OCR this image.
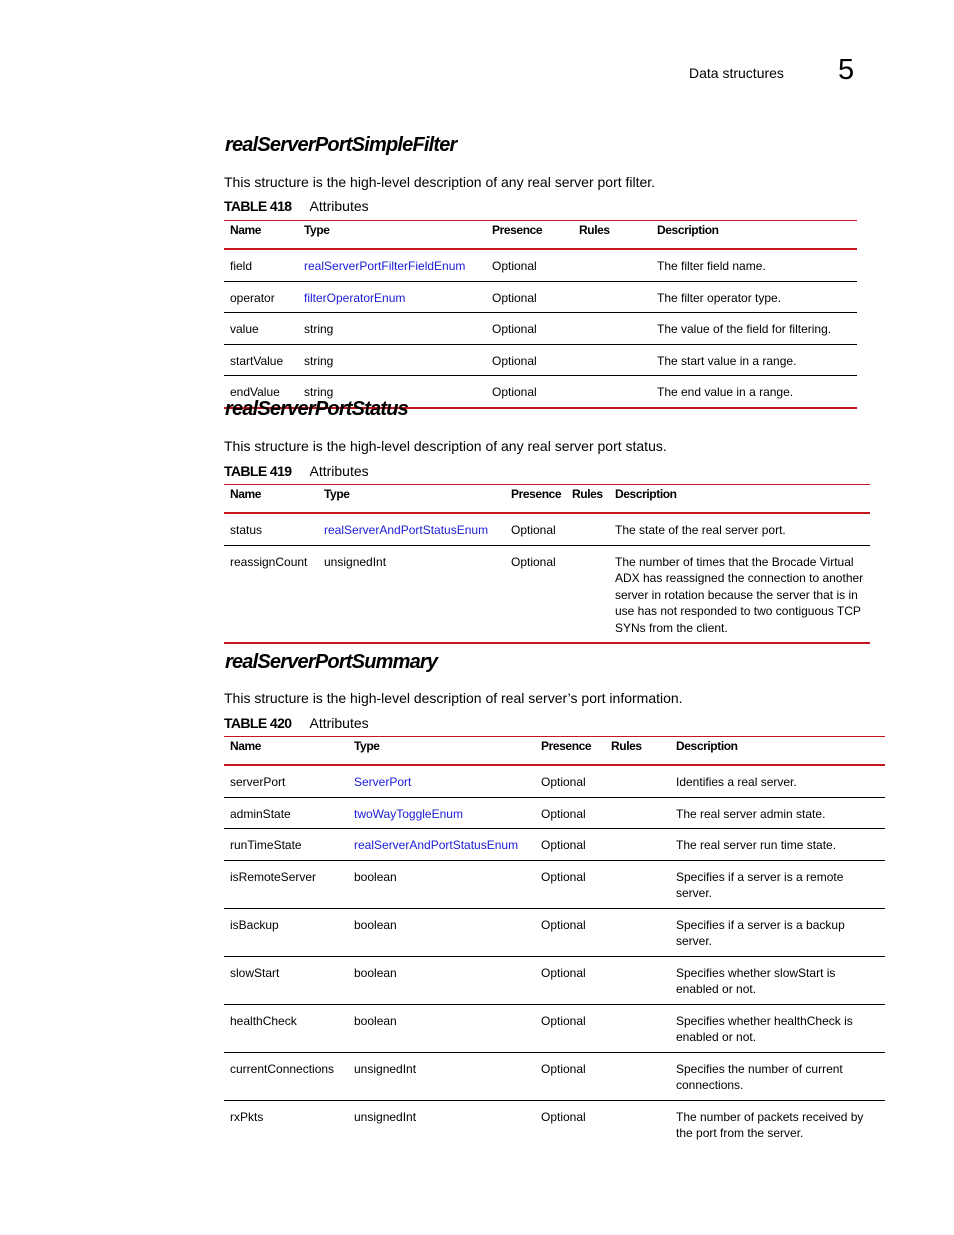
Data structures 5
realServerPortSimpleFilter

This structure is the high-level description of any real server port filter.

TABLE 418 Attributes
Name	Type	Presence	Rules	Description
field	realServerPortFilterFieldEnum	Optional		The filter field name.
operator	filterOperatorEnum	Optional		The filter operator type.
value	string	Optional		The value of the field for filtering.
startValue	string	Optional		The start value in a range.
endValue	string	Optional		The end value in a range.
realServerPortStatus

This structure is the high-level description of any real server port status.

TABLE 419 Attributes
Name	Type	Presence	Rules	Description
status	realServerAndPortStatusEnum	Optional		The state of the real server port.
reassignCount	unsignedInt	Optional		The number of times that the Brocade Virtual ADX has reassigned the connection to another server in rotation because the server that is in use has not responded to two contiguous TCP SYNs from the client.
realServerPortSummary

This structure is the high-level description of real server’s port information.

TABLE 420 Attributes
Name	Type	Presence	Rules	Description
serverPort	ServerPort	Optional		Identifies a real server.
adminState	twoWayToggleEnum	Optional		The real server admin state.
runTimeState	realServerAndPortStatusEnum	Optional		The real server run time state.
isRemoteServer	boolean	Optional		Specifies if a server is a remote server.
isBackup	boolean	Optional		Specifies if a server is a backup server.
slowStart	boolean	Optional		Specifies whether slowStart is enabled or not.
healthCheck	boolean	Optional		Specifies whether healthCheck is enabled or not.
currentConnections	unsignedInt	Optional		Specifies the number of current connections.
rxPkts	unsignedInt	Optional		The number of packets received by the port from the server.
